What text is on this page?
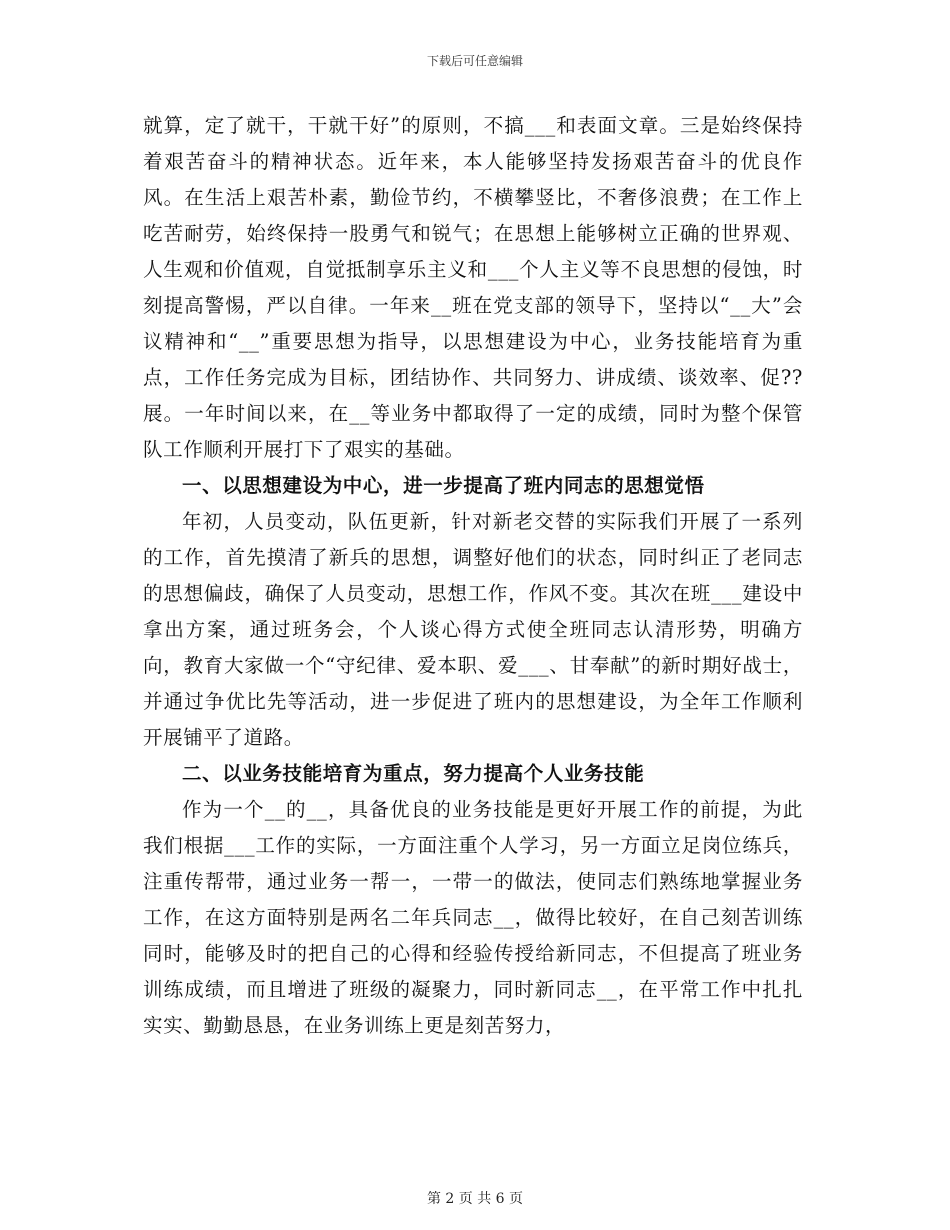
下载后可任意编辑

就算，定了就干，干就干好”的原则，不搞___和表面文章。三是始终保持着艰苦奋斗的精神状态。近年来，本人能够坚持发扬艰苦奋斗的优良作风。在生活上艰苦朴素，勤俭节约，不横攀竖比，不奢侈浪费；在工作上吃苦耐劳，始终保持一股勇气和锐气；在思想上能够树立正确的世界观、人生观和价值观，自觉抵制享乐主义和___个人主义等不良思想的侵蚀，时刻提高警惕，严以自律。一年来__班在党支部的领导下，坚持以“__大”会议精神和“__”重要思想为指导，以思想建设为中心，业务技能培育为重点，工作任务完成为目标，团结协作、共同努力、讲成绩、谈效率、促??展。一年时间以来，在__等业务中都取得了一定的成绩，同时为整个保管队工作顺利开展打下了艰实的基础。

一、以思想建设为中心，进一步提高了班内同志的思想觉悟

年初，人员变动，队伍更新，针对新老交替的实际我们开展了一系列的工作，首先摸清了新兵的思想，调整好他们的状态，同时纠正了老同志的思想偏歧，确保了人员变动，思想工作，作风不变。其次在班___建设中拿出方案，通过班务会，个人谈心得方式使全班同志认清形势，明确方向，教育大家做一个“守纪律、爱本职、爱___、甘奉献”的新时期好战士，并通过争优比先等活动，进一步促进了班内的思想建设，为全年工作顺利开展铺平了道路。

二、以业务技能培育为重点，努力提高个人业务技能

作为一个__的__，具备优良的业务技能是更好开展工作的前提，为此我们根据___工作的实际，一方面注重个人学习，另一方面立足岗位练兵，注重传帮带，通过业务一帮一，一带一的做法，使同志们熟练地掌握业务工作，在这方面特别是两名二年兵同志__，做得比较好，在自己刻苦训练同时，能够及时的把自己的心得和经验传授给新同志，不但提高了班业务训练成绩，而且增进了班级的凝聚力，同时新同志__，在平常工作中扎扎实实、勤勤恳恳，在业务训练上更是刻苦努力，

第 2 页 共 6 页
